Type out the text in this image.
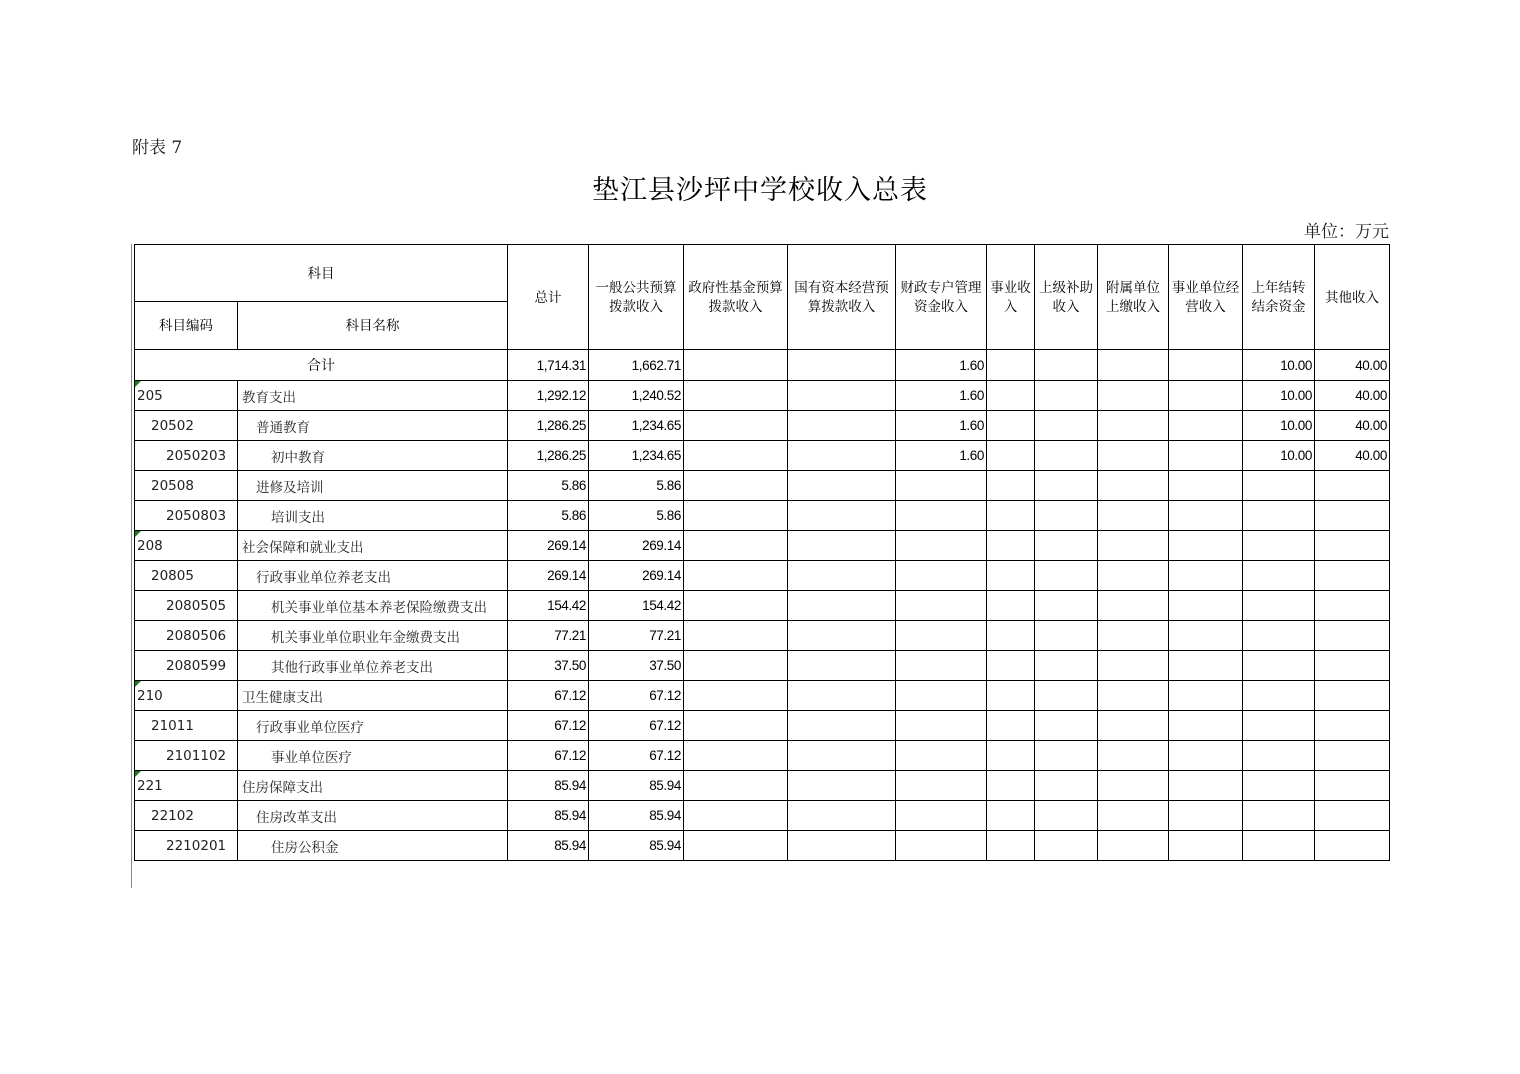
附表 7
垫江县沙坪中学校收入总表
单位：万元
科目		总计	一般公共预算拨款收入	政府性基金预算拨款收入	国有资本经营预算拨款收入	财政专户管理资金收入	事业收入	上级补助收入	附属单位上缴收入	事业单位经营收入	上年结转结余资金	其他收入
科目编码	科目名称											
合计		1,714.31	1,662.71			1.60					10.00	40.00

205	教育支出	1,292.12	1,240.52			1.60					10.00	40.00
20502	普通教育	1,286.25	1,234.65			1.60					10.00	40.00
2050203	初中教育	1,286.25	1,234.65			1.60					10.00	40.00
20508	进修及培训	5.86	5.86									
2050803	培训支出	5.86	5.86									

208	社会保障和就业支出	269.14	269.14									
20805	行政事业单位养老支出	269.14	269.14									
2080505	机关事业单位基本养老保险缴费支出	154.42	154.42									
2080506	机关事业单位职业年金缴费支出	77.21	77.21									
2080599	其他行政事业单位养老支出	37.50	37.50									

210	卫生健康支出	67.12	67.12									
21011	行政事业单位医疗	67.12	67.12									
2101102	事业单位医疗	67.12	67.12									

221	住房保障支出	85.94	85.94									
22102	住房改革支出	85.94	85.94									
2210201	住房公积金	85.94	85.94									
